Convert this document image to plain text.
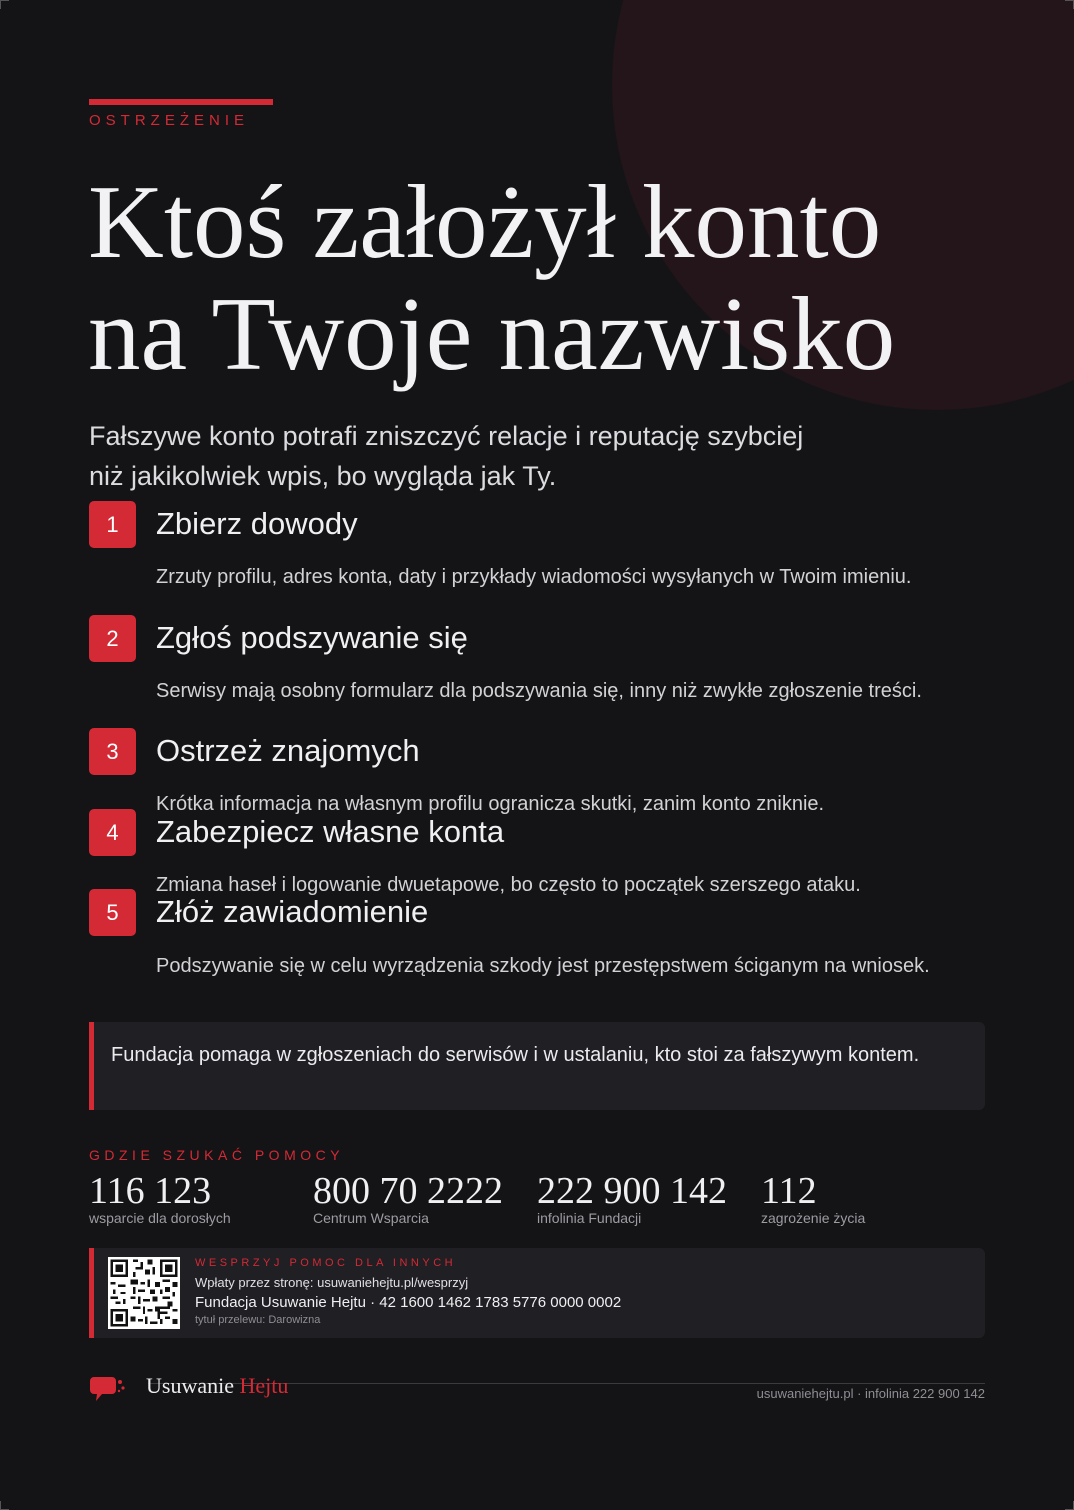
OSTRZEŻENIE
Ktoś założył konto
na Twoje nazwisko

Fałszywe konto potrafi zniszczyć relacje i reputację szybciej
niż jakikolwiek wpis, bo wygląda jak Ty.

1	Zbierz dowody
Zrzuty profilu, adres konta, daty i przykłady wiadomości wysyłanych w Twoim imieniu.
2	Zgłoś podszywanie się
Serwisy mają osobny formularz dla podszywania się, inny niż zwykłe zgłoszenie treści.
3	Ostrzeż znajomych
Krótka informacja na własnym profilu ogranicza skutki, zanim konto zniknie.
4	Zabezpiecz własne konta
Zmiana haseł i logowanie dwuetapowe, bo często to początek szerszego ataku.
5	Złóż zawiadomienie
Podszywanie się w celu wyrządzenia szkody jest przestępstwem ściganym na wniosek.
Fundacja pomaga w zgłoszeniach do serwisów i w ustalaniu, kto stoi za fałszywym kontem.
GDZIE SZUKAĆ POMOCY
116 123
wsparcie dla dorosłych
800 70 2222
Centrum Wsparcia
222 900 142
infolinia Fundacji
112
zagrożenie życia
WESPRZYJ POMOC DLA INNYCH
Wpłaty przez stronę: usuwaniehejtu.pl/wesprzyj
Fundacja Usuwanie Hejtu · 42 1600 1462 1783 5776 0000 0002
tytuł przelewu: Darowizna
Usuwanie Hejtu	usuwaniehejtu.pl · infolinia 222 900 142
